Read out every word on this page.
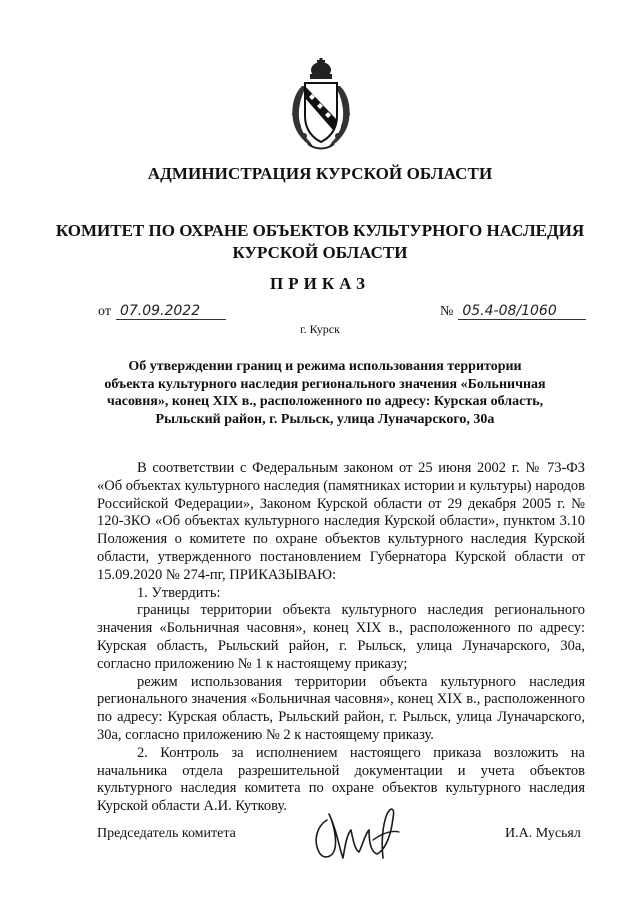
АДМИНИСТРАЦИЯ КУРСКОЙ ОБЛАСТИ
КОМИТЕТ ПО ОХРАНЕ ОБЪЕКТОВ КУЛЬТУРНОГО НАСЛЕДИЯ
КУРСКОЙ ОБЛАСТИ
ПРИКАЗ
от 07.09.2022	№ 05.4-08/1060
г. Курск
Об утверждении границ и режима использования территории
объекта культурного наследия регионального значения «Больничная
часовня», конец XIX в., расположенного по адресу: Курская область,
Рыльский район, г. Рыльск, улица Луначарского, 30а

В соответствии с Федеральным законом от 25 июня 2002 г. № 73-ФЗ «Об объектах культурного наследия (памятниках истории и культуры) народов Российской Федерации», Законом Курской области от 29 декабря 2005 г. № 120-ЗКО «Об объектах культурного наследия Курской области», пунктом 3.10 Положения о комитете по охране объектов культурного наследия Курской области, утвержденного постановлением Губернатора Курской области от 15.09.2020 № 274-пг, ПРИКАЗЫВАЮ:

1. Утвердить:

границы территории объекта культурного наследия регионального значения «Больничная часовня», конец XIX в., расположенного по адресу: Курская область, Рыльский район, г. Рыльск, улица Луначарского, 30а, согласно приложению № 1 к настоящему приказу;

режим использования территории объекта культурного наследия регионального значения «Больничная часовня», конец XIX в., расположенного по адресу: Курская область, Рыльский район, г. Рыльск, улица Луначарского, 30а, согласно приложению № 2 к настоящему приказу.

2. Контроль за исполнением настоящего приказа возложить на начальника отдела разрешительной документации и учета объектов культурного наследия комитета по охране объектов культурного наследия Курской области А.И. Куткову.

Председатель комитета	И.А. Мусьял
